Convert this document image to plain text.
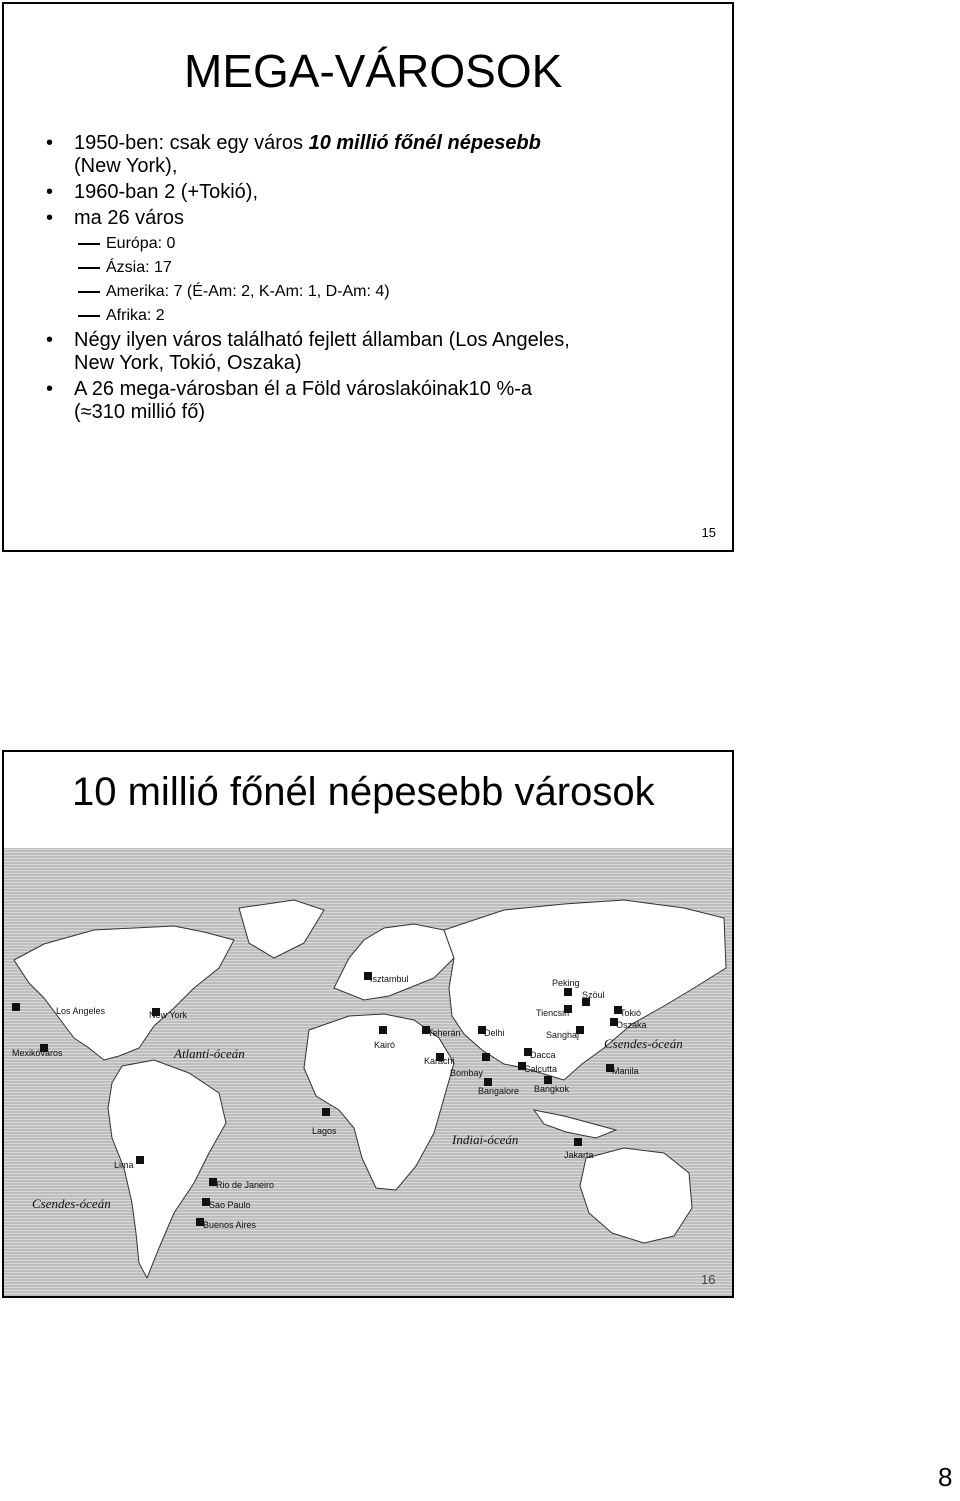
MEGA-VÁROSOK
• 1950-ben: csak egy város 10 millió főnél népesebb
(New York),
• 1960-ban 2 (+Tokió),
• ma 26 város
Európa: 0
Ázsia: 17
Amerika: 7 (É-Am: 2, K-Am: 1, D-Am: 4)
Afrika: 2
• Négy ilyen város található fejlett államban (Los Angeles,
New York, Tokió, Oszaka)
• A 26 mega-városban él a Föld városlakóinak10 %-a
(≈310 millió fő)
15
10 millió főnél népesebb városok
Los Angeles	New York
Mexikóváros
Lima
Rio de Janeiro
Sao Paulo
Buenos Aires
Lagos
Kairó
Isztambul
Teherán
Karachi
Delhi
Bombay
Bangalore
Dacca
Calcutta
Bangkok
Peking
Tiencsin
Szöul
Sanghaj
Tokió
Oszaka
Manila
Jakarta
Atlanti-óceán
Csendes-óceán
Indiai-óceán
Csendes-óceán
16
8
